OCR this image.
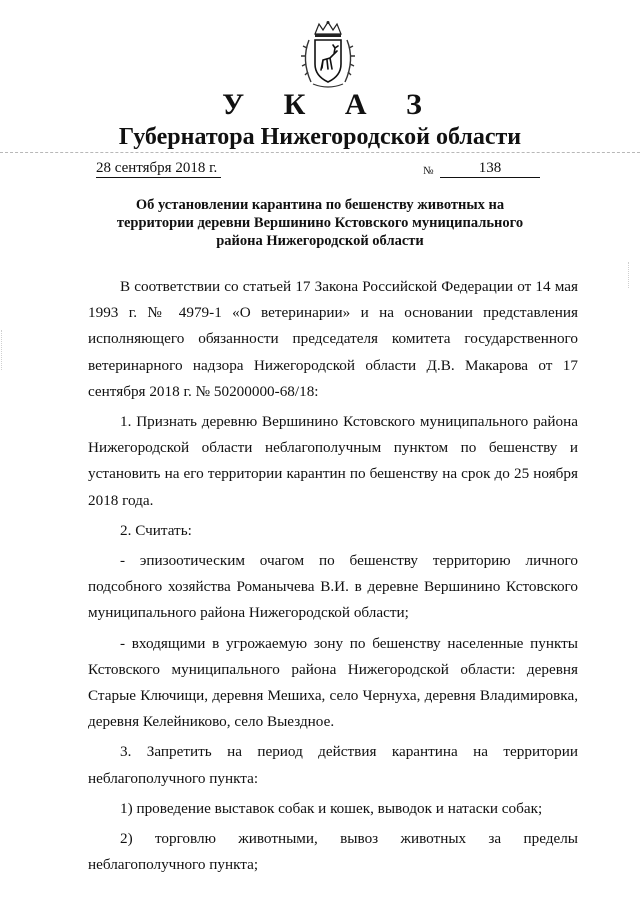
У К А З
Губернатора Нижегородской области
28 сентября 2018 г.	№	138
Об установлении карантина по бешенству животных на
территории деревни Вершинино Кстовского муниципального
района Нижегородской области

В соответствии со статьей 17 Закона Российской Федерации от 14 мая 1993 г. № 4979-1 «О ветеринарии» и на основании представления исполняющего обязанности председателя комитета государственного ветеринарного надзора Нижегородской области Д.В. Макарова от 17 сентября 2018 г. № 50200000-68/18:

1. Признать деревню Вершинино Кстовского муниципального района Нижегородской области неблагополучным пунктом по бешенству и установить на его территории карантин по бешенству на срок до 25 ноября 2018 года.

2. Считать:

- эпизоотическим очагом по бешенству территорию личного подсобного хозяйства Романычева В.И. в деревне Вершинино Кстовского муниципального района Нижегородской области;

- входящими в угрожаемую зону по бешенству населенные пункты Кстовского муниципального района Нижегородской области: деревня Старые Ключищи, деревня Мешиха, село Чернуха, деревня Владимировка, деревня Келейниково, село Выездное.

3. Запретить на период действия карантина на территории неблагополучного пункта:

1) проведение выставок собак и кошек, выводок и натаски собак;

2) торговлю животными, вывоз животных за пределы неблагополучного пункта;
